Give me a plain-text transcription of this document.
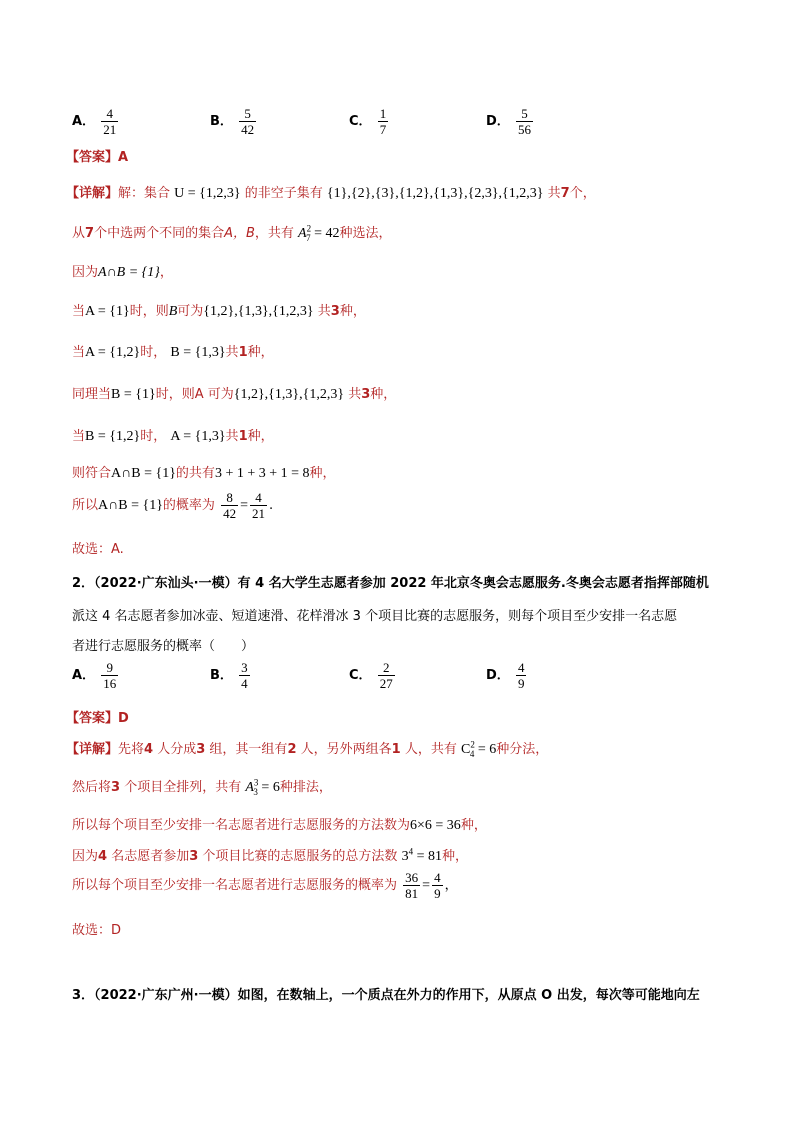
A． $\frac{4}{21}$	B． $\frac{5}{42}$	C． $\frac{1}{7}$	D． $\frac{5}{56}$
【答案】A
【详解】解：集合 U = {1,2,3} 的非空子集有 {1},{2},{3},{1,2},{1,3},{2,3},{1,2,3} 共7个，
从7个中选两个不同的集合A，B，共有 $A^2_7 = 42$种选法，
因为A∩B = {1}，
当A = {1}时，则B可为{1,2},{1,3},{1,2,3} 共3种，
当A = {1,2}时， B = {1,3}共1种，
同理当B = {1}时，则A 可为{1,2},{1,3},{1,2,3} 共3种，
当B = {1,2}时， A = {1,3}共1种，
则符合A∩B = {1}的共有3 + 1 + 3 + 1 = 8种，
所以A∩B = {1}的概率为 $\frac{8}{42} = \frac{4}{21}$ .
故选：A.
2．（2022·广东汕头·一模）有 4 名大学生志愿者参加 2022 年北京冬奥会志愿服务.冬奥会志愿者指挥部随机
派这 4 名志愿者参加冰壶、短道速滑、花样滑冰 3 个项目比赛的志愿服务，则每个项目至少安排一名志愿
者进行志愿服务的概率（　　）
A． $\frac{9}{16}$	B． $\frac{3}{4}$	C． $\frac{2}{27}$	D． $\frac{4}{9}$
【答案】D
【详解】先将4 人分成3 组，其一组有2 人，另外两组各1 人，共有 $C^2_4 = 6$种分法，
然后将3 个项目全排列，共有 $A^3_3 = 6$种排法，
所以每个项目至少安排一名志愿者进行志愿服务的方法数为6×6 = 36种，
因为4 名志愿者参加3 个项目比赛的志愿服务的总方法数 $3^4 = 81$种，
所以每个项目至少安排一名志愿者进行志愿服务的概率为 $\frac{36}{81} = \frac{4}{9}$ ，
故选：D
3．（2022·广东广州·一模）如图，在数轴上，一个质点在外力的作用下，从原点 O 出发，每次等可能地向左
